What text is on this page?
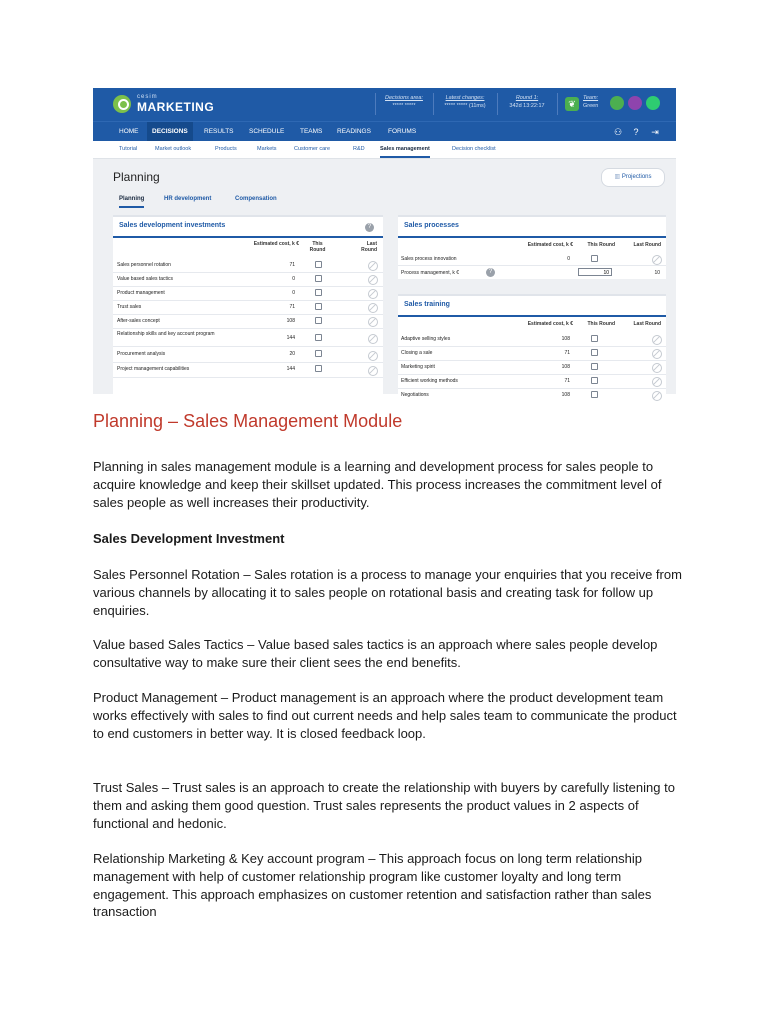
cesim
MARKETING
Decisions area:
***** *****
Latest changes:
***** ***** (11ms)
Round 1:
342d 13:22:17	❦
Team:
Green
HOME	DECISIONS	RESULTS	SCHEDULE	TEAMS	READINGS	FORUMS	⚇	?	⇥
Tutorial	Market outlook	Products	Markets	Customer care	R&D	Sales management	Decision checklist
Planning	▥ Projections
Planning	HR development	Compensation
Sales development investments	?
Estimated cost, k €	This Round
Last Round
Sales personnel rotation	71
Value based sales tactics	0
Product management	0
Trust sales	71
After-sales concept	108
Relationship skills and key account program
144
Procurement analysis	20
Project management capabilities	144
Sales processes
Estimated cost, k €	This Round	Last Round
Sales process innovation	0
Process management, k €	?	10	10
Sales training
Estimated cost, k €	This Round	Last Round
Adaptive selling styles	108
Closing a sale	71
Marketing spirit	108
Efficient working methods	71
Negotiations	108
Planning – Sales Management Module
Planning in sales management module is a learning and development process for sales people to acquire knowledge and keep their skillset updated. This process increases the commitment level of sales people as well increases their productivity.
Sales Development Investment
Sales Personnel Rotation – Sales rotation is a process to manage your enquiries that you receive from various channels by allocating it to sales people on rotational basis and creating task for follow up enquiries.
Value based Sales Tactics – Value based sales tactics is an approach where sales people develop consultative way to make sure their client sees the end benefits.
Product Management – Product management is an approach where the product development team works effectively with sales to find out current needs and help sales team to communicate the product to end customers in better way. It is closed feedback loop.
Trust Sales – Trust sales is an approach to create the relationship with buyers by carefully listening to them and asking them good question. Trust sales represents the product values in 2 aspects of functional and hedonic.
Relationship Marketing & Key account program – This approach focus on long term relationship management with help of customer relationship program like customer loyalty and long term engagement. This approach emphasizes on customer retention and satisfaction rather than sales transaction
